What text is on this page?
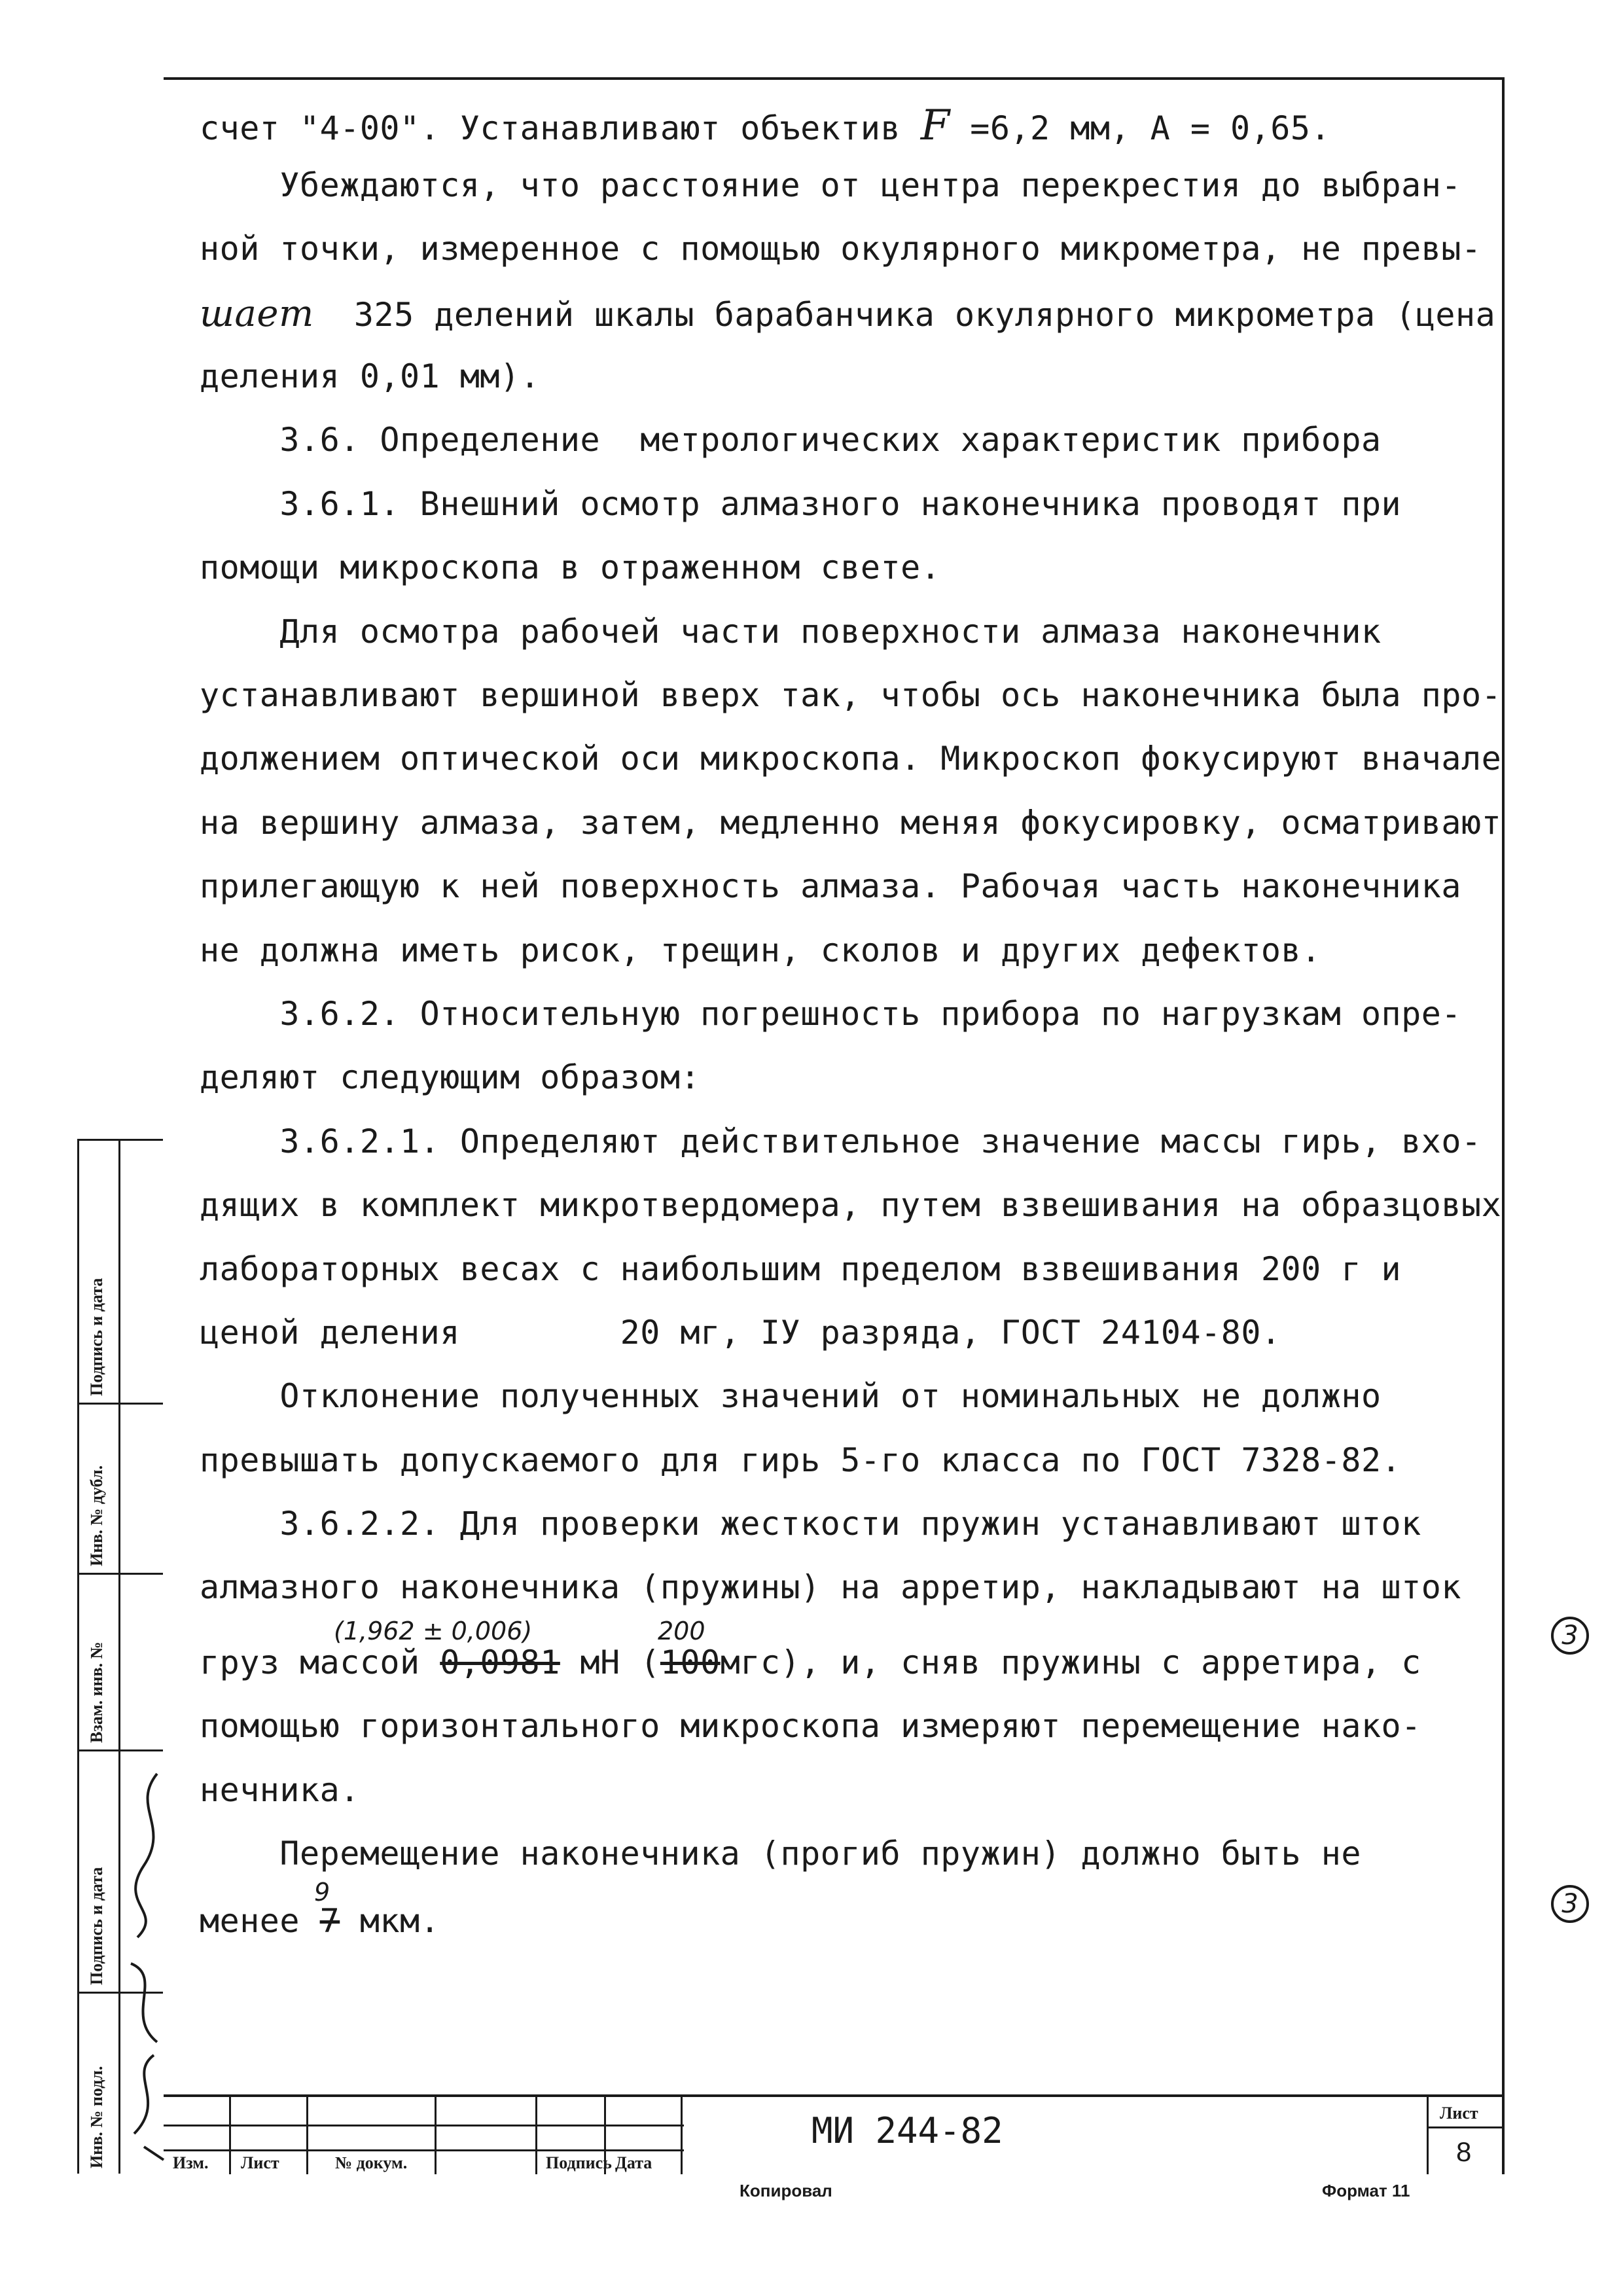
счет "4-00". Устанавливают объектив F =6,2 мм, А = 0,65.
Убеждаются, что расстояние от центра перекрестия до выбран-
ной точки, измеренное с помощью окулярного микрометра, не превы-
шает  325 делений шкалы барабанчика окулярного микрометра (цена
деления 0,01 мм).
3.6. Определение  метрологических характеристик прибора
3.6.1. Внешний осмотр алмазного наконечника проводят при
помощи микроскопа в отраженном свете.
Для осмотра рабочей части поверхности алмаза наконечник
устанавливают вершиной вверх так, чтобы ось наконечника была про-
должением оптической оси микроскопа. Микроскоп фокусируют вначале
на вершину алмаза, затем, медленно меняя фокусировку, осматривают
прилегающую к ней поверхность алмаза. Рабочая часть наконечника
не должна иметь рисок, трещин, сколов и других дефектов.
3.6.2. Относительную погрешность прибора по нагрузкам опре-
деляют следующим образом:
3.6.2.1. Определяют действительное значение массы гирь, вхо-
дящих в комплект микротвердомера, путем взвешивания на образцовых
лабораторных весах с наибольшим пределом взвешивания 200 г и
ценой деления        20 мг, IУ разряда, ГОСТ 24104-80.
Отклонение полученных значений от номинальных не должно
превышать допускаемого для гирь 5-го класса по ГОСТ 7328-82.
3.6.2.2. Для проверки жесткости пружин устанавливают шток
алмазного наконечника (пружины) на арретир, накладывают на шток
(1,962 ± 0,006)	200
груз массой 0,0981 мН (100мгс), и, сняв пружины с арретира, с
помощью горизонтального микроскопа измеряют перемещение нако-
нечника.
Перемещение наконечника (прогиб пружин) должно быть не
9
менее 7 мкм.
3
3
Подпись и дата
Инв. № дубл.
Взам. инв. №
Подпись и дата
Инв. № подл.	Изм. Лист	№ докум.	Подпись Дата
МИ 244-82	Лист
8
Копировал	Формат 11
